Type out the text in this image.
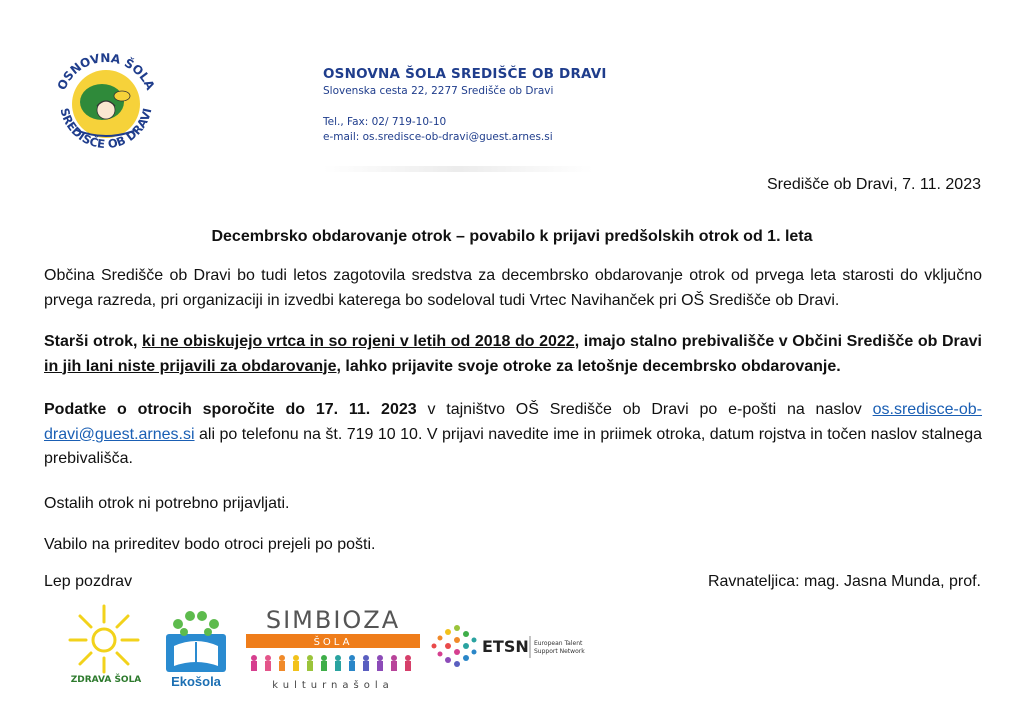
OSNOVNA ŠOLA
SREDIŠČE OB DRAVI
OSNOVNA ŠOLA SREDIŠČE OB DRAVI
Slovenska cesta 22, 2277 Središče ob Dravi
Tel., Fax: 02/ 719-10-10
e-mail: os.sredisce-ob-dravi@guest.arnes.si
Središče ob Dravi, 7. 11. 2023
Decembrsko obdarovanje otrok – povabilo k prijavi predšolskih otrok od 1. leta
Občina Središče ob Dravi bo tudi letos zagotovila sredstva za decembrsko obdarovanje otrok od prvega leta starosti do vključno prvega razreda, pri organizaciji in izvedbi katerega bo sodeloval tudi Vrtec Navihanček pri OŠ Središče ob Dravi.
Starši otrok, ki ne obiskujejo vrtca in so rojeni v letih od 2018 do 2022, imajo stalno prebivališče v Občini Središče ob Dravi in jih lani niste prijavili za obdarovanje, lahko prijavite svoje otroke za letošnje decembrsko obdarovanje.
Podatke o otrocih sporočite do 17. 11. 2023 v tajništvo OŠ Središče ob Dravi po e-pošti na naslov os.sredisce-ob-dravi@guest.arnes.si ali po telefonu na št. 719 10 10. V prijavi navedite ime in priimek otroka, datum rojstva in točen naslov stalnega prebivališča.
Ostalih otrok ni potrebno prijavljati.
Vabilo na prireditev bodo otroci prejeli po pošti.
Lep pozdrav	Ravnateljica: mag. Jasna Munda, prof.
ZDRAVA ŠOLA Ekošola
SIMBIOZA
ŠOLA
kulturnašola
ETSN European Talent
Support Network
